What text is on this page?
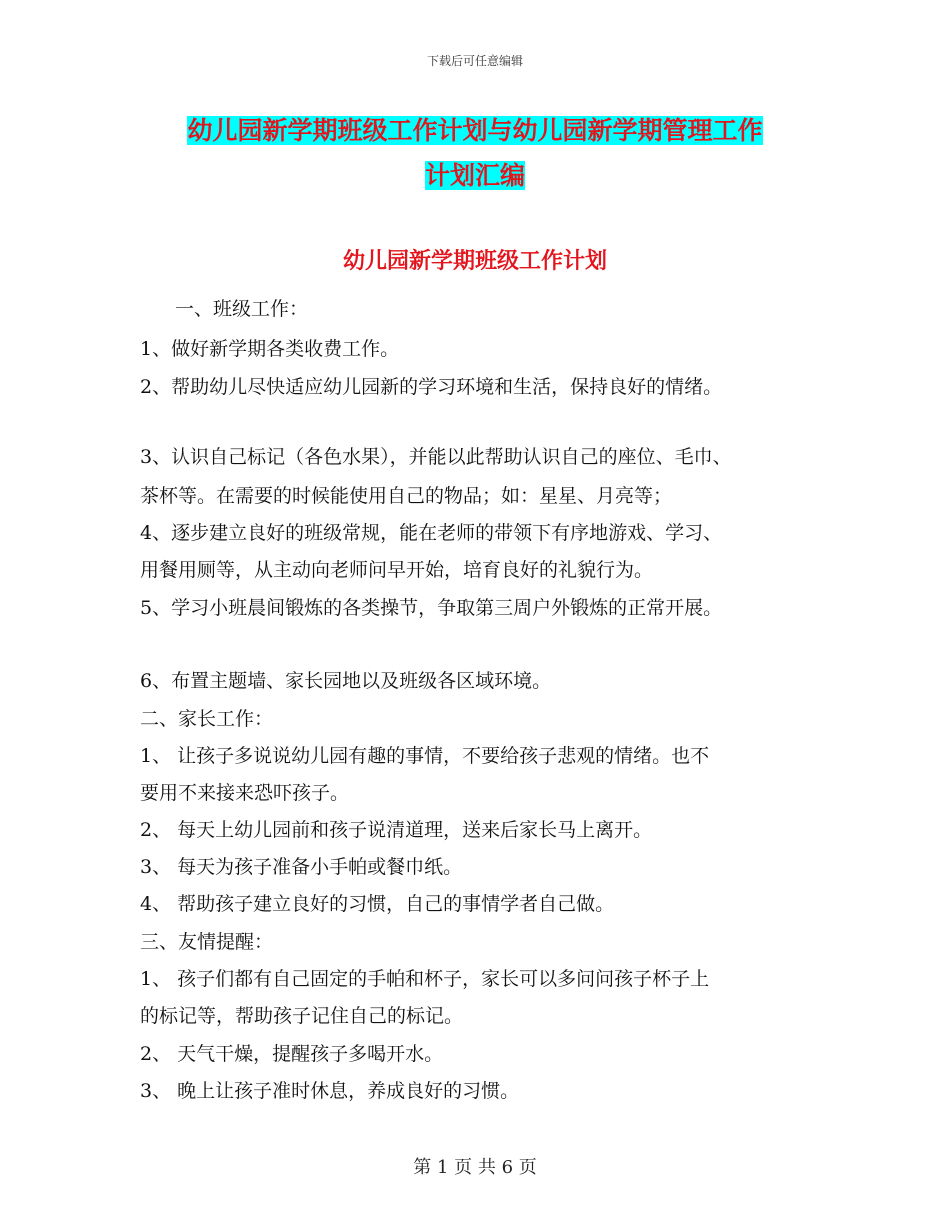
下载后可任意编辑
幼儿园新学期班级工作计划与幼儿园新学期管理工作
计划汇编
幼儿园新学期班级工作计划
一、班级工作：
1、做好新学期各类收费工作。
2、帮助幼儿尽快适应幼儿园新的学习环境和生活，保持良好的情绪。
3、认识自己标记（各色水果），并能以此帮助认识自己的座位、毛巾、
茶杯等。在需要的时候能使用自己的物品；如：星星、月亮等；
4、逐步建立良好的班级常规，能在老师的带领下有序地游戏、学习、
用餐用厕等，从主动向老师问早开始，培育良好的礼貌行为。
5、学习小班晨间锻炼的各类操节，争取第三周户外锻炼的正常开展。
6、布置主题墙、家长园地以及班级各区域环境。
二、家长工作：
1、 让孩子多说说幼儿园有趣的事情，不要给孩子悲观的情绪。也不
要用不来接来恐吓孩子。
2、 每天上幼儿园前和孩子说清道理，送来后家长马上离开。
3、 每天为孩子准备小手帕或餐巾纸。
4、 帮助孩子建立良好的习惯，自己的事情学者自己做。
三、友情提醒：
1、 孩子们都有自己固定的手帕和杯子，家长可以多问问孩子杯子上
的标记等，帮助孩子记住自己的标记。
2、 天气干燥，提醒孩子多喝开水。
3、 晚上让孩子准时休息，养成良好的习惯。
第 1 页 共 6 页
